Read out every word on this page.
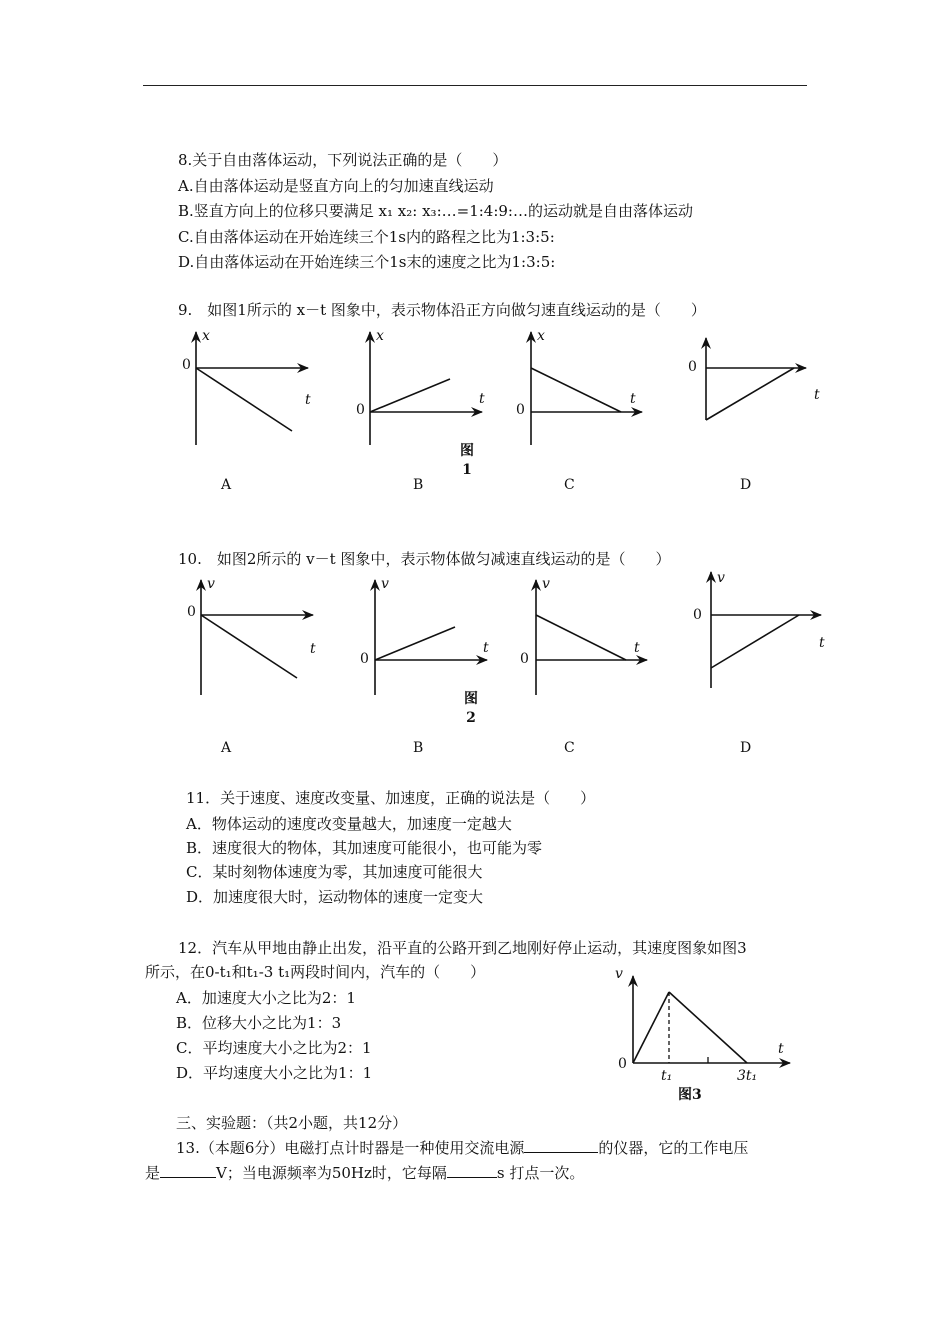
8.关于自由落体运动，下列说法正确的是（　　）
A.自由落体运动是竖直方向上的匀加速直线运动
B.竖直方向上的位移只要满足 x₁ x₂: x₃:…=1:4:9:…的运动就是自由落体运动
C.自由落体运动在开始连续三个1s内的路程之比为1:3:5:
D.自由落体运动在开始连续三个1s末的速度之比为1:3:5:
9.　如图1所示的 x－t 图象中，表示物体沿正方向做匀速直线运动的是（　　）
x
0
t
x
0
t
x
0
t
0
t
图
1
A	B	C	D
10.　如图2所示的 v－t 图象中，表示物体做匀减速直线运动的是（　　）
v
0
t
v
0
t
v
0
t
v
0
t
图
2
A	B	C	D
11．关于速度、速度改变量、加速度，正确的说法是（　　）
A．物体运动的速度改变量越大，加速度一定越大
B．速度很大的物体，其加速度可能很小，也可能为零
C．某时刻物体速度为零，其加速度可能很大
D．加速度很大时，运动物体的速度一定变大
12．汽车从甲地由静止出发，沿平直的公路开到乙地刚好停止运动，其速度图象如图3
所示，在0-t₁和t₁-3 t₁两段时间内，汽车的（　　）
A．加速度大小之比为2：1
B．位移大小之比为1：3
C．平均速度大小之比为2：1
D．平均速度大小之比为1：1
v
0
t
t₁	3t₁
图3
三、实验题：（共2小题，共12分）
13.（本题6分）电磁打点计时器是一种使用交流电源	的仪器，它的工作电压
是	V；当电源频率为50Hz时，它每隔	s 打点一次。
